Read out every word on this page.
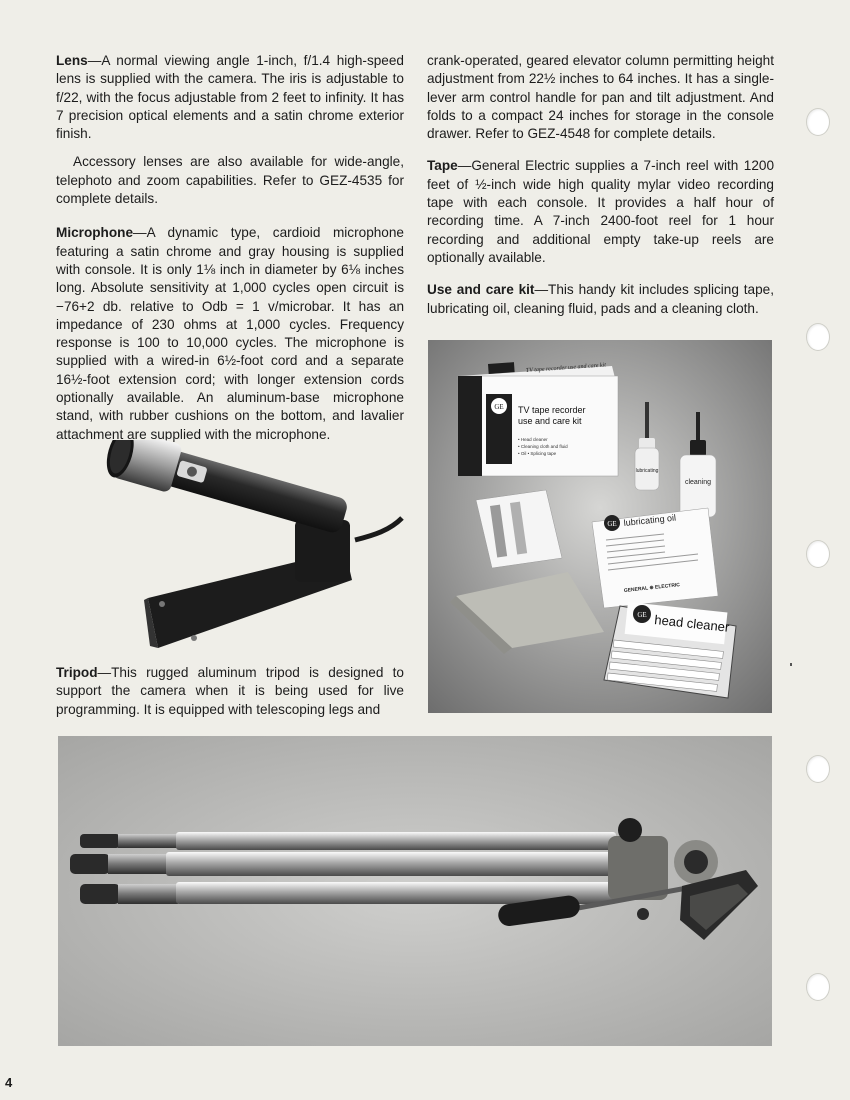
Lens—A normal viewing angle 1-inch, f/1.4 high-speed lens is supplied with the camera. The iris is adjustable to f/22, with the focus adjustable from 2 feet to infinity. It has 7 precision optical elements and a satin chrome exterior finish.

Accessory lenses are also available for wide-angle, telephoto and zoom capabilities. Refer to GEZ-4535 for complete details.

Microphone—A dynamic type, cardioid microphone featuring a satin chrome and gray housing is supplied with console. It is only 1⅛ inch in diameter by 6⅛ inches long. Absolute sensitivity at 1,000 cycles open circuit is −76+2 db. relative to Odb = 1 v/microbar. It has an impedance of 230 ohms at 1,000 cycles. Frequency response is 100 to 10,000 cycles. The microphone is supplied with a wired-in 6½-foot cord and a separate 16½-foot extension cord; with longer extension cords optionally available. An aluminum-base microphone stand, with rubber cushions on the bottom, and lavalier attachment are supplied with the microphone.

Tripod—This rugged aluminum tripod is designed to support the camera when it is being used for live programming. It is equipped with telescoping legs and

crank-operated, geared elevator column permitting height adjustment from 22½ inches to 64 inches. It has a single-lever arm control handle for pan and tilt adjustment. And folds to a compact 24 inches for storage in the console drawer. Refer to GEZ-4548 for complete details.

Tape—General Electric supplies a 7-inch reel with 1200 feet of ½-inch wide high quality mylar video recording tape with each console. It provides a half hour of recording time. A 7-inch 2400-foot reel for 1 hour recording and additional empty take-up reels are optionally available.

Use and care kit—This handy kit includes splicing tape, lubricating oil, cleaning fluid, pads and a cleaning cloth.

GE TV tape recorder
use and care kit
• Head cleaner
• Cleaning cloth and fluid
• Oil • Splicing tape
TV tape recorder use and care kit
lubricating
cleaning
GE lubricating oil
GENERAL ⊕ ELECTRIC
GE head cleaner
4
